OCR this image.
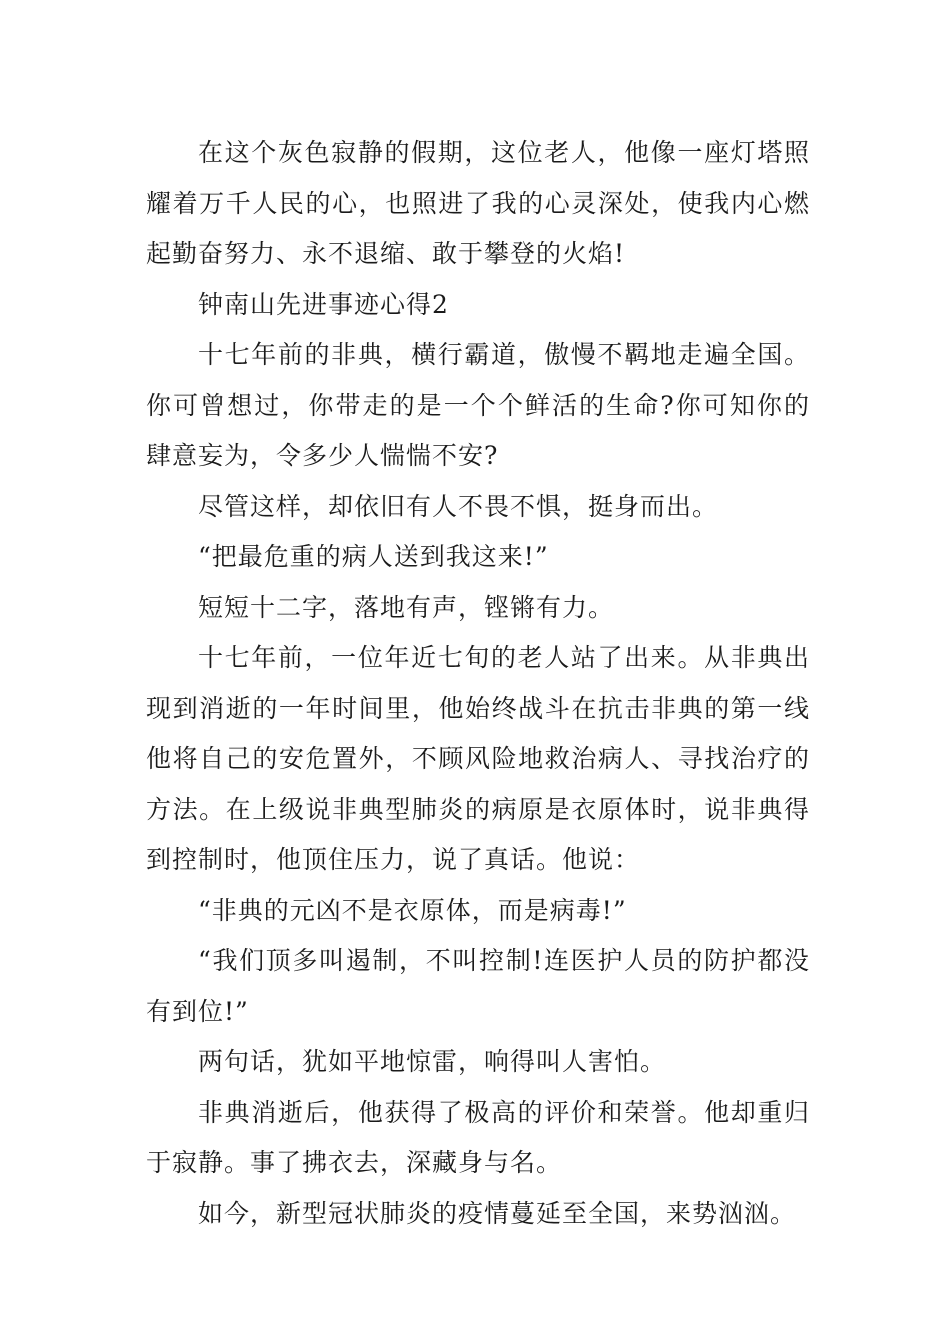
在这个灰色寂静的假期，这位老人，他像一座灯塔照耀着万千人民的心，也照进了我的心灵深处，使我内心燃起勤奋努力、永不退缩、敢于攀登的火焰!

钟南山先进事迹心得2

十七年前的非典，横行霸道，傲慢不羁地走遍全国。你可曾想过，你带走的是一个个鲜活的生命?你可知你的肆意妄为，令多少人惴惴不安?

尽管这样，却依旧有人不畏不惧，挺身而出。

“把最危重的病人送到我这来!”

短短十二字，落地有声，铿锵有力。

十七年前，一位年近七旬的老人站了出来。从非典出现到消逝的一年时间里，他始终战斗在抗击非典的第一线他将自己的安危置外，不顾风险地救治病人、寻找治疗的方法。在上级说非典型肺炎的病原是衣原体时，说非典得到控制时，他顶住压力，说了真话。他说：

“非典的元凶不是衣原体，而是病毒!”

“我们顶多叫遏制，不叫控制!连医护人员的防护都没有到位!”

两句话，犹如平地惊雷，响得叫人害怕。

非典消逝后，他获得了极高的评价和荣誉。他却重归于寂静。事了拂衣去，深藏身与名。

如今，新型冠状肺炎的疫情蔓延至全国，来势汹汹。
